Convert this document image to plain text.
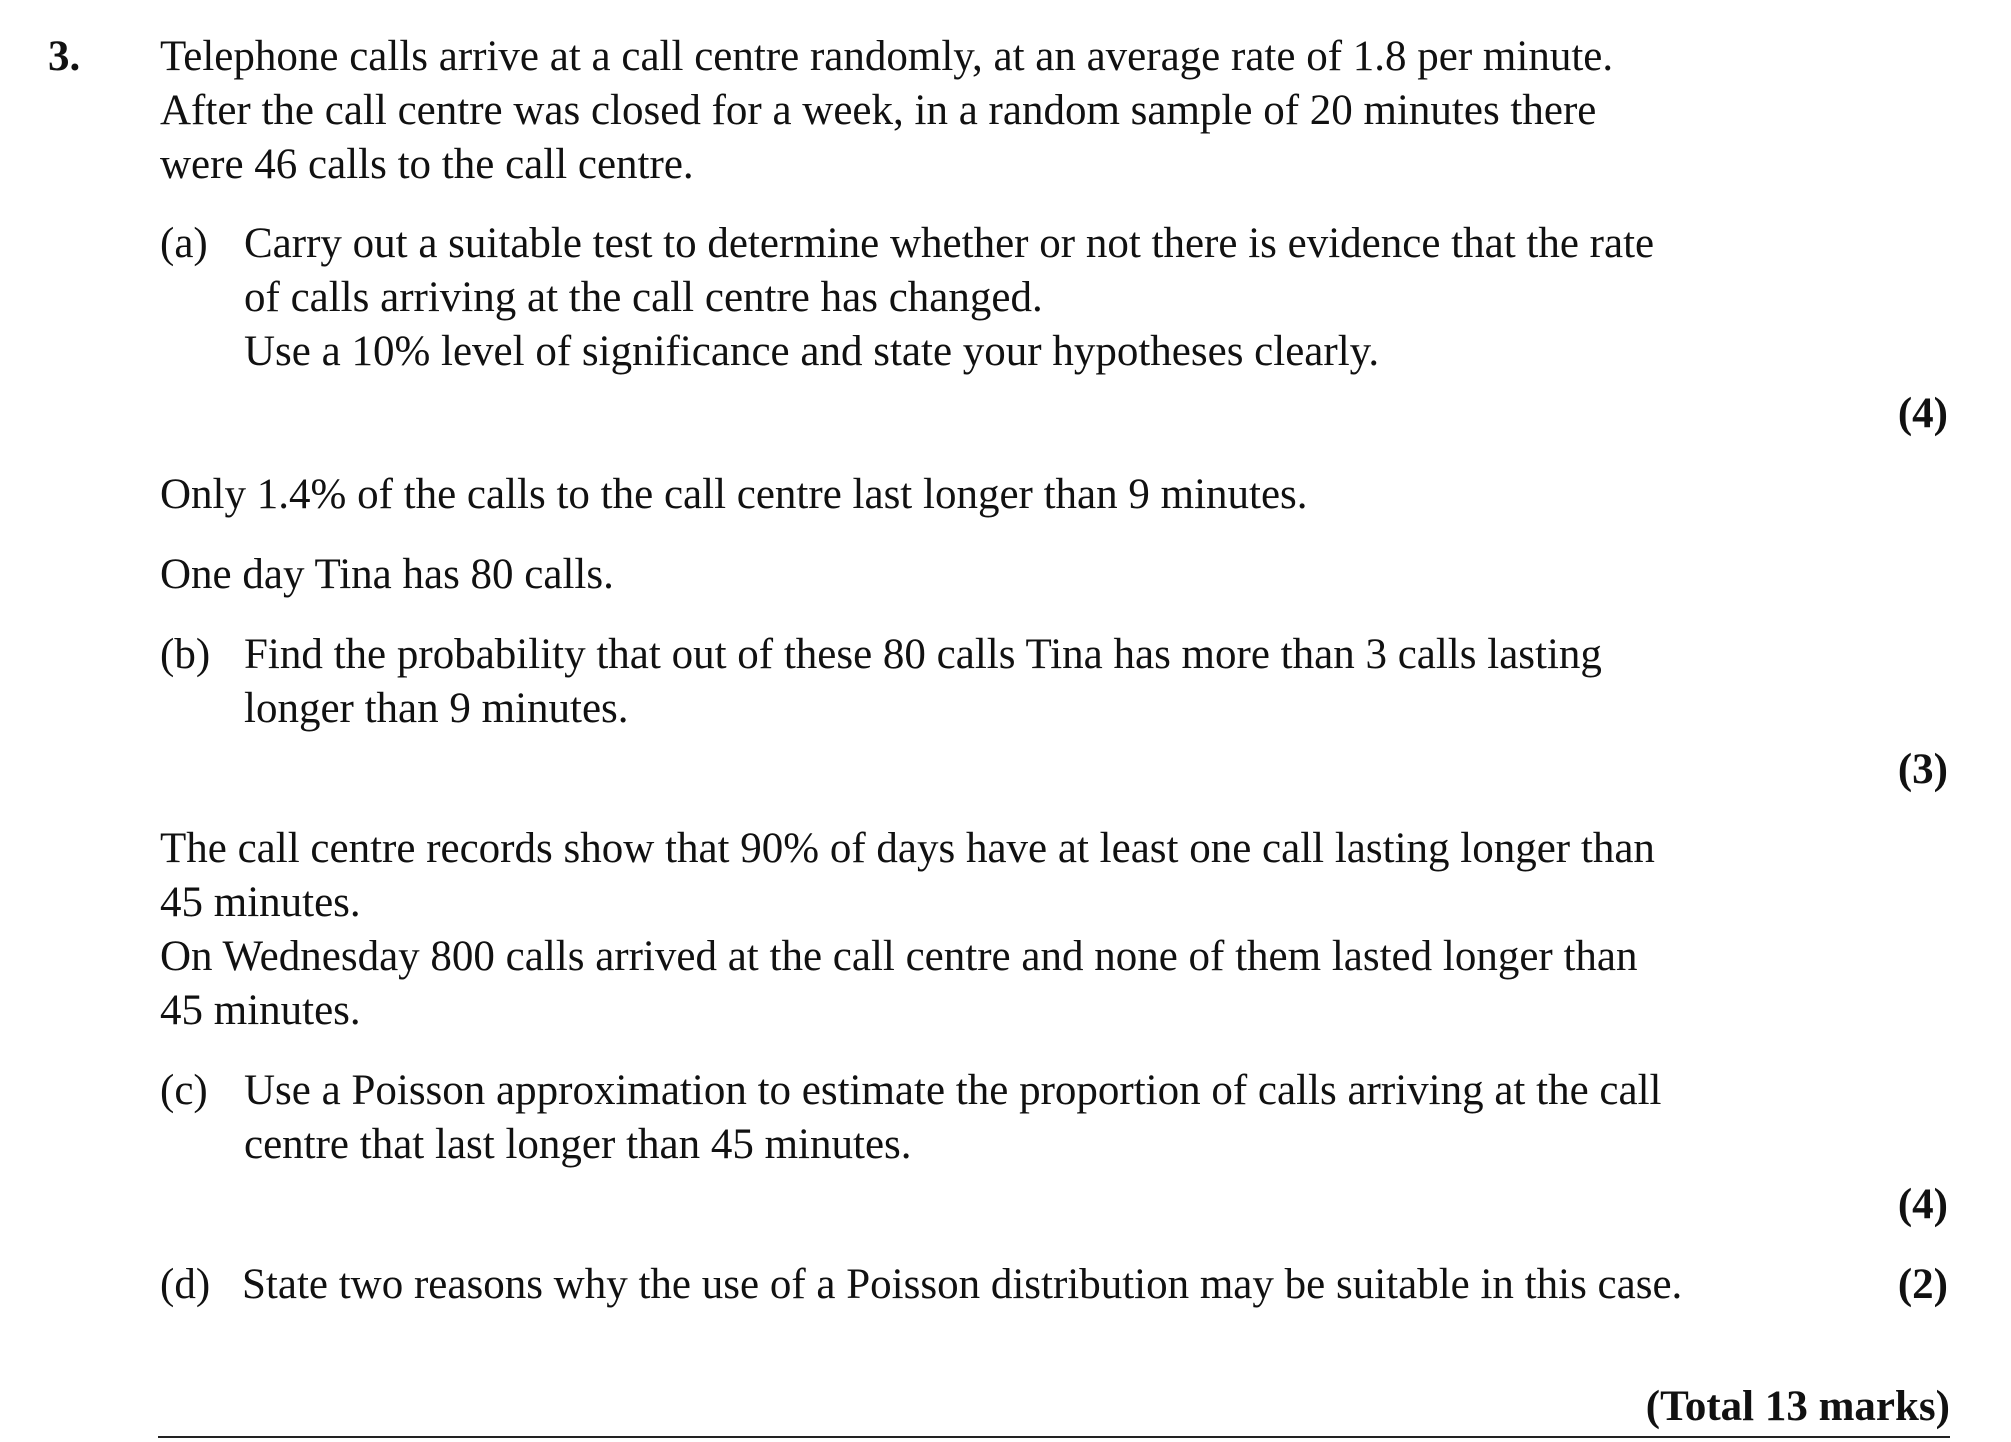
3. Telephone calls arrive at a call centre randomly, at an average rate of 1.8 per minute.
After the call centre was closed for a week, in a random sample of 20 minutes there
were 46 calls to the call centre.
(a) Carry out a suitable test to determine whether or not there is evidence that the rate
of calls arriving at the call centre has changed.
Use a 10% level of significance and state your hypotheses clearly.
(4)
Only 1.4% of the calls to the call centre last longer than 9 minutes.
One day Tina has 80 calls.
(b) Find the probability that out of these 80 calls Tina has more than 3 calls lasting
longer than 9 minutes.
(3)
The call centre records show that 90% of days have at least one call lasting longer than
45 minutes.
On Wednesday 800 calls arrived at the call centre and none of them lasted longer than
45 minutes.
(c) Use a Poisson approximation to estimate the proportion of calls arriving at the call
centre that last longer than 45 minutes.
(4)
(d) State two reasons why the use of a Poisson distribution may be suitable in this case.	(2)
(Total 13 marks)
